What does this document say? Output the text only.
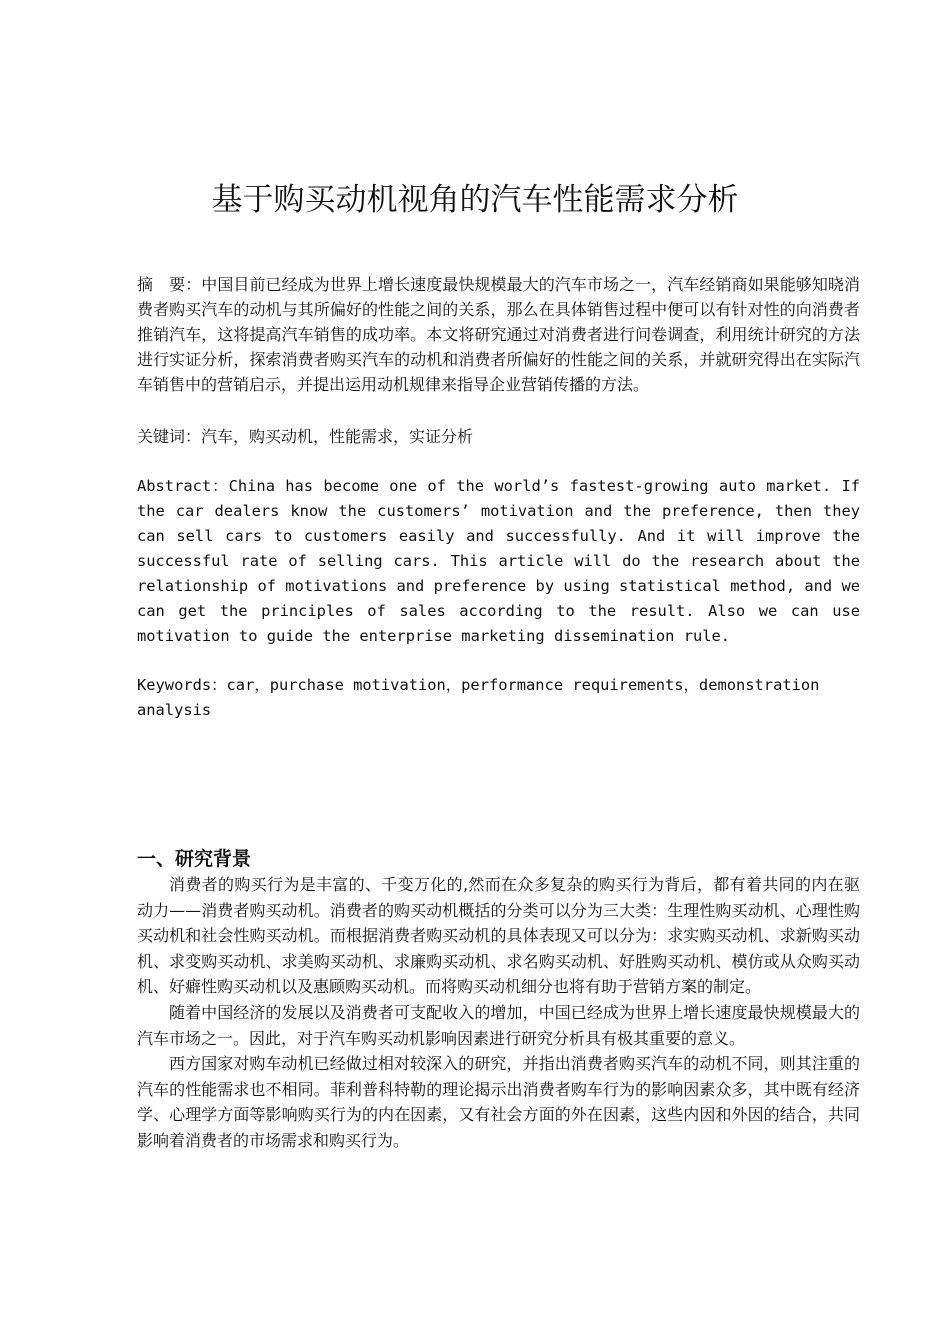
基于购买动机视角的汽车性能需求分析

摘　要：中国目前已经成为世界上增长速度最快规模最大的汽车市场之一，汽车经销商如果能够知晓消费者购买汽车的动机与其所偏好的性能之间的关系，那么在具体销售过程中便可以有针对性的向消费者推销汽车，这将提高汽车销售的成功率。本文将研究通过对消费者进行问卷调查，利用统计研究的方法进行实证分析，探索消费者购买汽车的动机和消费者所偏好的性能之间的关系，并就研究得出在实际汽车销售中的营销启示，并提出运用动机规律来指导企业营销传播的方法。

关键词：汽车，购买动机，性能需求，实证分析

Abstract：China has become one of the world’s fastest-growing auto market. If the car dealers know the customers’ motivation and the preference, then they can sell cars to customers easily and successfully. And it will improve the successful rate of selling cars. This article will do the research about the relationship of motivations and preference by using statistical method, and we can get the principles of sales according to the result. Also we can use motivation to guide the enterprise marketing dissemination rule.

Keywords：car，purchase motivation，performance requirements，demonstration analysis

一、研究背景

消费者的购买行为是丰富的、千变万化的,然而在众多复杂的购买行为背后，都有着共同的内在驱动力——消费者购买动机。消费者的购买动机概括的分类可以分为三大类：生理性购买动机、心理性购买动机和社会性购买动机。而根据消费者购买动机的具体表现又可以分为：求实购买动机、求新购买动机、求变购买动机、求美购买动机、求廉购买动机、求名购买动机、好胜购买动机、模仿或从众购买动机、好癖性购买动机以及惠顾购买动机。而将购买动机细分也将有助于营销方案的制定。

随着中国经济的发展以及消费者可支配收入的增加，中国已经成为世界上增长速度最快规模最大的汽车市场之一。因此，对于汽车购买动机影响因素进行研究分析具有极其重要的意义。

西方国家对购车动机已经做过相对较深入的研究，并指出消费者购买汽车的动机不同，则其注重的汽车的性能需求也不相同。菲利普科特勒的理论揭示出消费者购车行为的影响因素众多，其中既有经济学、心理学方面等影响购买行为的内在因素，又有社会方面的外在因素，这些内因和外因的结合，共同影响着消费者的市场需求和购买行为。
